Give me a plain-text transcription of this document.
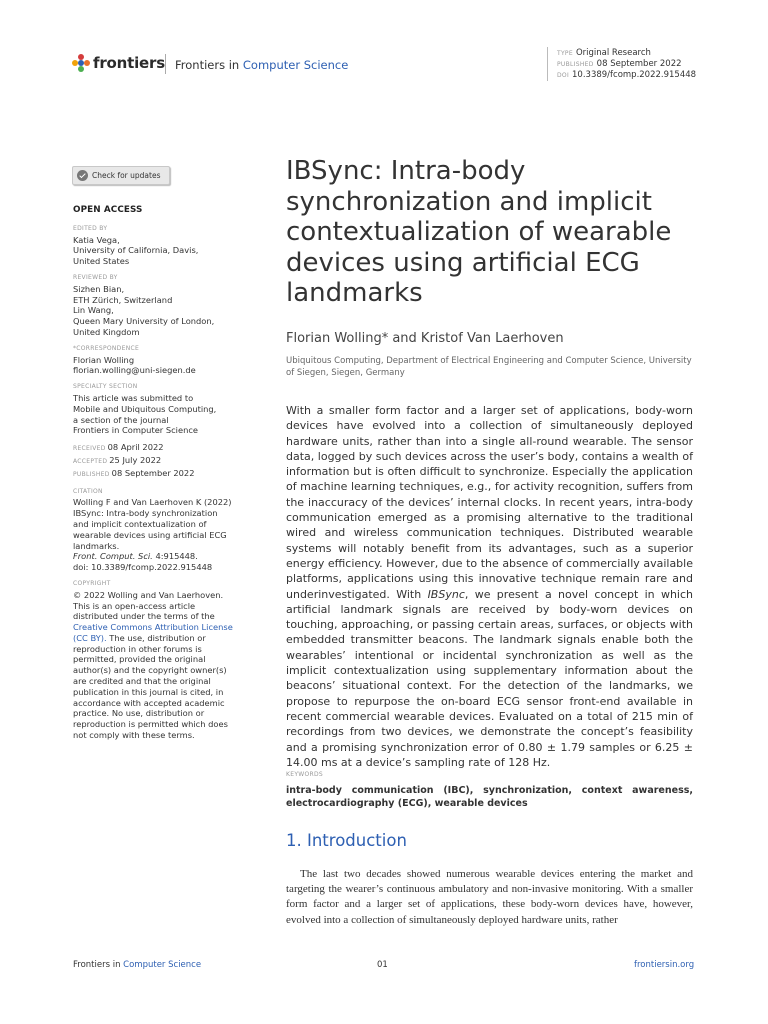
frontiers Frontiers in Computer Science
TYPE Original Research
PUBLISHED 08 September 2022
DOI 10.3389/fcomp.2022.915448
Check for updates
OPEN ACCESS
EDITED BY
Katia Vega,
University of California, Davis,
United States
REVIEWED BY
Sizhen Bian,
ETH Zürich, Switzerland
Lin Wang,
Queen Mary University of London,
United Kingdom
*CORRESPONDENCE
Florian Wolling
florian.wolling@uni-siegen.de
SPECIALTY SECTION
This article was submitted to
Mobile and Ubiquitous Computing,
a section of the journal
Frontiers in Computer Science
RECEIVED 08 April 2022
ACCEPTED 25 July 2022
PUBLISHED 08 September 2022
CITATION
Wolling F and Van Laerhoven K (2022)
IBSync: Intra-body synchronization
and implicit contextualization of
wearable devices using artificial ECG
landmarks.
Front. Comput. Sci. 4:915448.
doi: 10.3389/fcomp.2022.915448
COPYRIGHT
© 2022 Wolling and Van Laerhoven.
This is an open-access article
distributed under the terms of the
Creative Commons Attribution License
(CC BY). The use, distribution or
reproduction in other forums is
permitted, provided the original
author(s) and the copyright owner(s)
are credited and that the original
publication in this journal is cited, in
accordance with accepted academic
practice. No use, distribution or
reproduction is permitted which does
not comply with these terms.
IBSync: Intra-body synchronization and implicit contextualization of wearable devices using artificial ECG landmarks
Florian Wolling* and Kristof Van Laerhoven
Ubiquitous Computing, Department of Electrical Engineering and Computer Science, University of Siegen, Siegen, Germany

With a smaller form factor and a larger set of applications, body-worn devices have evolved into a collection of simultaneously deployed hardware units, rather than into a single all-round wearable. The sensor data, logged by such devices across the user’s body, contains a wealth of information but is often difficult to synchronize. Especially the application of machine learning techniques, e.g., for activity recognition, suffers from the inaccuracy of the devices’ internal clocks. In recent years, intra-body communication emerged as a promising alternative to the traditional wired and wireless communication techniques. Distributed wearable systems will notably benefit from its advantages, such as a superior energy efficiency. However, due to the absence of commercially available platforms, applications using this innovative technique remain rare and underinvestigated. With IBSync, we present a novel concept in which artificial landmark signals are received by body-worn devices on touching, approaching, or passing certain areas, surfaces, or objects with embedded transmitter beacons. The landmark signals enable both the wearables’ intentional or incidental synchronization as well as the implicit contextualization using supplementary information about the beacons’ situational context. For the detection of the landmarks, we propose to repurpose the on-board ECG sensor front-end available in recent commercial wearable devices. Evaluated on a total of 215 min of recordings from two devices, we demonstrate the concept’s feasibility and a promising synchronization error of 0.80 ± 1.79 samples or 6.25 ± 14.00 ms at a device’s sampling rate of 128 Hz.

KEYWORDS

intra-body communication (IBC), synchronization, context awareness, electrocardiography (ECG), wearable devices

1. Introduction

The last two decades showed numerous wearable devices entering the market and targeting the wearer’s continuous ambulatory and non-invasive monitoring. With a smaller form factor and a larger set of applications, these body-worn devices have, however, evolved into a collection of simultaneously deployed hardware units, rather

Frontiers in Computer Science	01	frontiersin.org
